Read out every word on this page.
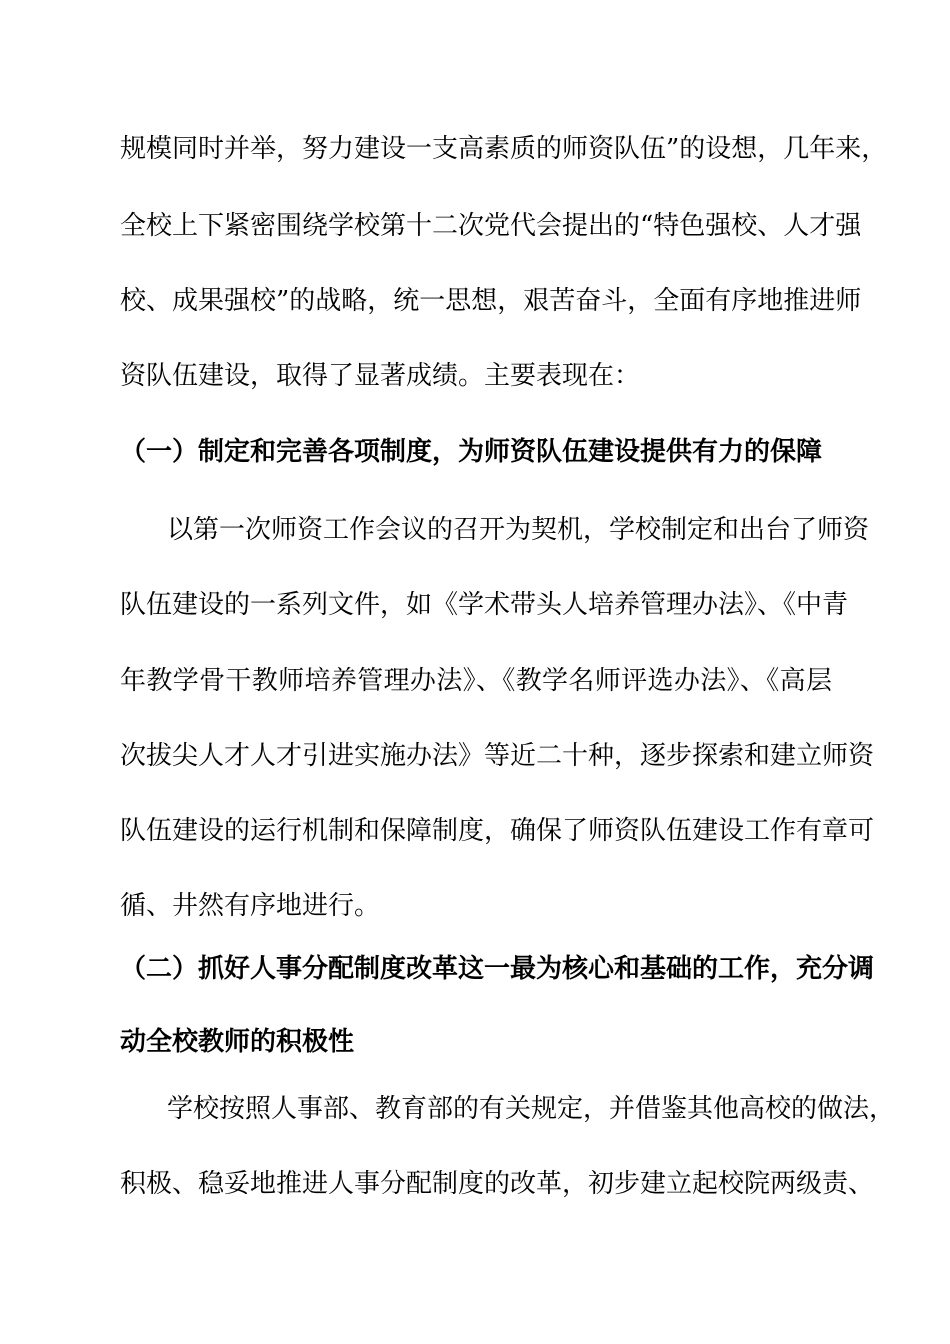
规模同时并举，努力建设一支高素质的师资队伍”的设想，几年来，
全校上下紧密围绕学校第十二次党代会提出的“特色强校、人才强
校、成果强校”的战略，统一思想，艰苦奋斗，全面有序地推进师
资队伍建设，取得了显著成绩。主要表现在：
（一）制定和完善各项制度，为师资队伍建设提供有力的保障
以第一次师资工作会议的召开为契机，学校制定和出台了师资
队伍建设的一系列文件，如《学术带头人培养管理办法》、《中青
年教学骨干教师培养管理办法》、《教学名师评选办法》、《高层
次拔尖人才人才引进实施办法》等近二十种，逐步探索和建立师资
队伍建设的运行机制和保障制度，确保了师资队伍建设工作有章可
循、井然有序地进行。
（二）抓好人事分配制度改革这一最为核心和基础的工作，充分调
动全校教师的积极性
学校按照人事部、教育部的有关规定，并借鉴其他高校的做法，
积极、稳妥地推进人事分配制度的改革，初步建立起校院两级责、
